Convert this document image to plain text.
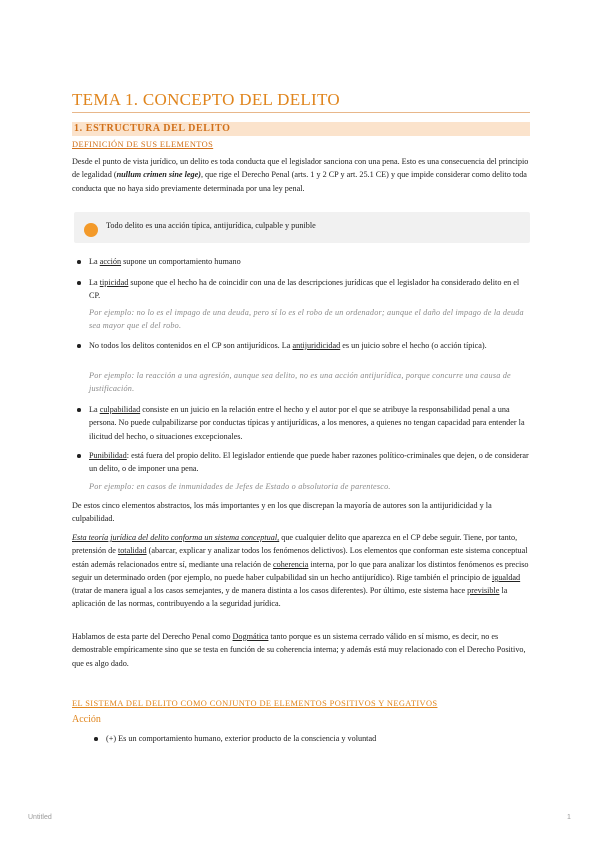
TEMA 1. CONCEPTO DEL DELITO
1. ESTRUCTURA DEL DELITO
DEFINICIÓN DE SUS ELEMENTOS

Desde el punto de vista jurídico, un delito es toda conducta que el legislador sanciona con una pena. Esto es una consecuencia del principio de legalidad (nullum crimen sine lege), que rige el Derecho Penal (arts. 1 y 2 CP y art. 25.1 CE) y que impide considerar como delito toda conducta que no haya sido previamente determinada por una ley penal.

Todo delito es una acción típica, antijurídica, culpable y punible
La acción supone un comportamiento humano
La tipicidad supone que el hecho ha de coincidir con una de las descripciones jurídicas que el legislador ha considerado delito en el CP.
Por ejemplo: no lo es el impago de una deuda, pero sí lo es el robo de un ordenador; aunque el daño del impago de la deuda sea mayor que el del robo.
No todos los delitos contenidos en el CP son antijurídicos. La antijuridicidad es un juicio sobre el hecho (o acción típica).
Por ejemplo: la reacción a una agresión, aunque sea delito, no es una acción antijurídica, porque concurre una causa de justificación.
La culpabilidad consiste en un juicio en la relación entre el hecho y el autor por el que se atribuye la responsabilidad penal a una persona. No puede culpabilizarse por conductas típicas y antijurídicas, a los menores, a quienes no tengan capacidad para entender la ilicitud del hecho, o situaciones excepcionales.
Punibilidad: está fuera del propio delito. El legislador entiende que puede haber razones político-criminales que dejen, o de considerar un delito, o de imponer una pena.
Por ejemplo: en casos de inmunidades de Jefes de Estado o absolutoria de parentesco.

De estos cinco elementos abstractos, los más importantes y en los que discrepan la mayoría de autores son la antijuridicidad y la culpabilidad.

Esta teoría jurídica del delito conforma un sistema conceptual, que cualquier delito que aparezca en el CP debe seguir. Tiene, por tanto, pretensión de totalidad (abarcar, explicar y analizar todos los fenómenos delictivos). Los elementos que conforman este sistema conceptual están además relacionados entre sí, mediante una relación de coherencia interna, por lo que para analizar los distintos fenómenos es preciso seguir un determinado orden (por ejemplo, no puede haber culpabilidad sin un hecho antijurídico). Rige también el principio de igualdad (tratar de manera igual a los casos semejantes, y de manera distinta a los casos diferentes). Por último, este sistema hace previsible la aplicación de las normas, contribuyendo a la seguridad jurídica.

Hablamos de esta parte del Derecho Penal como Dogmática tanto porque es un sistema cerrado válido en sí mismo, es decir, no es demostrable empíricamente sino que se testa en función de su coherencia interna; y además está muy relacionado con el Derecho Positivo, que es algo dado.

EL SISTEMA DEL DELITO COMO CONJUNTO DE ELEMENTOS POSITIVOS Y NEGATIVOS
Acción
(+) Es un comportamiento humano, exterior producto de la consciencia y voluntad
Untitled	1
